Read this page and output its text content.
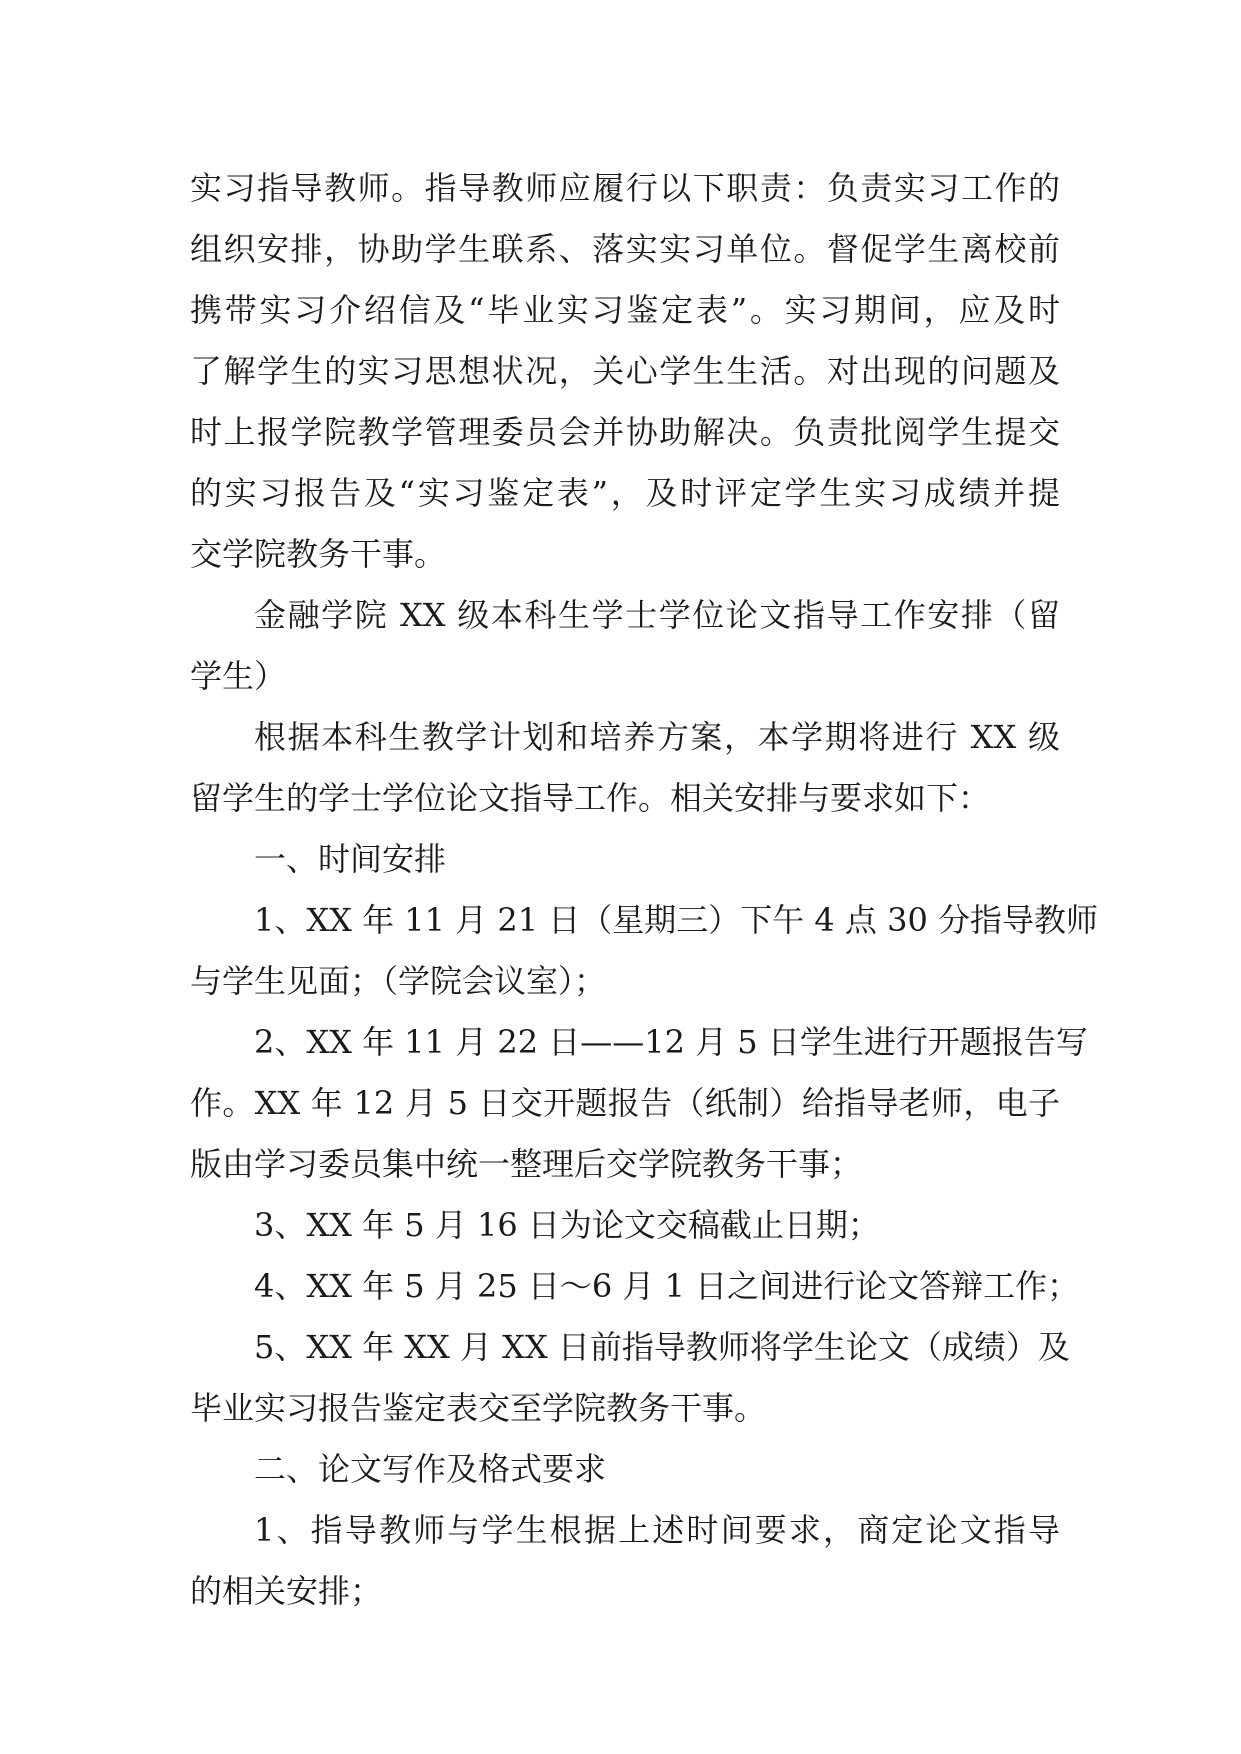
实习指导教师。指导教师应履行以下职责：负责实习工作的
组织安排，协助学生联系、落实实习单位。督促学生离校前
携带实习介绍信及“毕业实习鉴定表”。实习期间，应及时
了解学生的实习思想状况，关心学生生活。对出现的问题及
时上报学院教学管理委员会并协助解决。负责批阅学生提交
的实习报告及“实习鉴定表”，及时评定学生实习成绩并提
交学院教务干事。
金融学院 XX 级本科生学士学位论文指导工作安排（留
学生）
根据本科生教学计划和培养方案，本学期将进行 XX 级
留学生的学士学位论文指导工作。相关安排与要求如下：
一、时间安排
1、XX 年 11 月 21 日（星期三）下午 4 点 30 分指导教师
与学生见面；（学院会议室）；
2、XX 年 11 月 22 日——12 月 5 日学生进行开题报告写
作。XX 年 12 月 5 日交开题报告（纸制）给指导老师，电子
版由学习委员集中统一整理后交学院教务干事；
3、XX 年 5 月 16 日为论文交稿截止日期；
4、XX 年 5 月 25 日～6 月 1 日之间进行论文答辩工作；
5、XX 年 XX 月 XX 日前指导教师将学生论文（成绩）及
毕业实习报告鉴定表交至学院教务干事。
二、论文写作及格式要求
1、指导教师与学生根据上述时间要求，商定论文指导
的相关安排；
